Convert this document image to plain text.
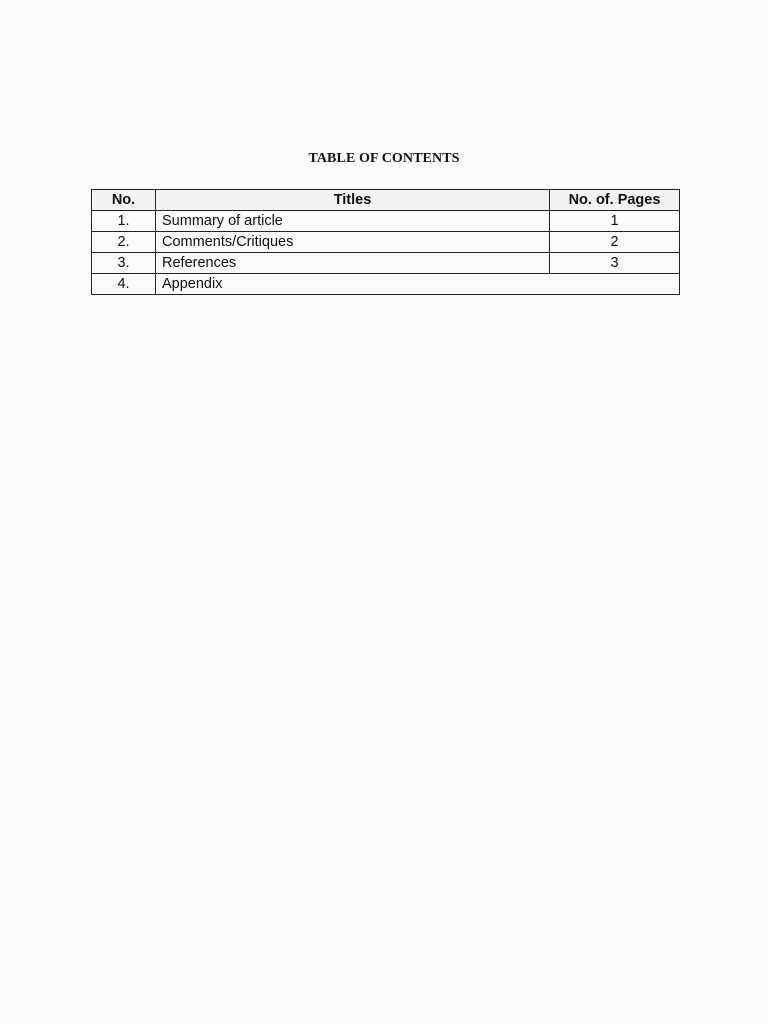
TABLE OF CONTENTS
No.	Titles	No. of. Pages
1.	Summary of article	1
2.	Comments/Critiques	2
3.	References	3
4.	Appendix	
